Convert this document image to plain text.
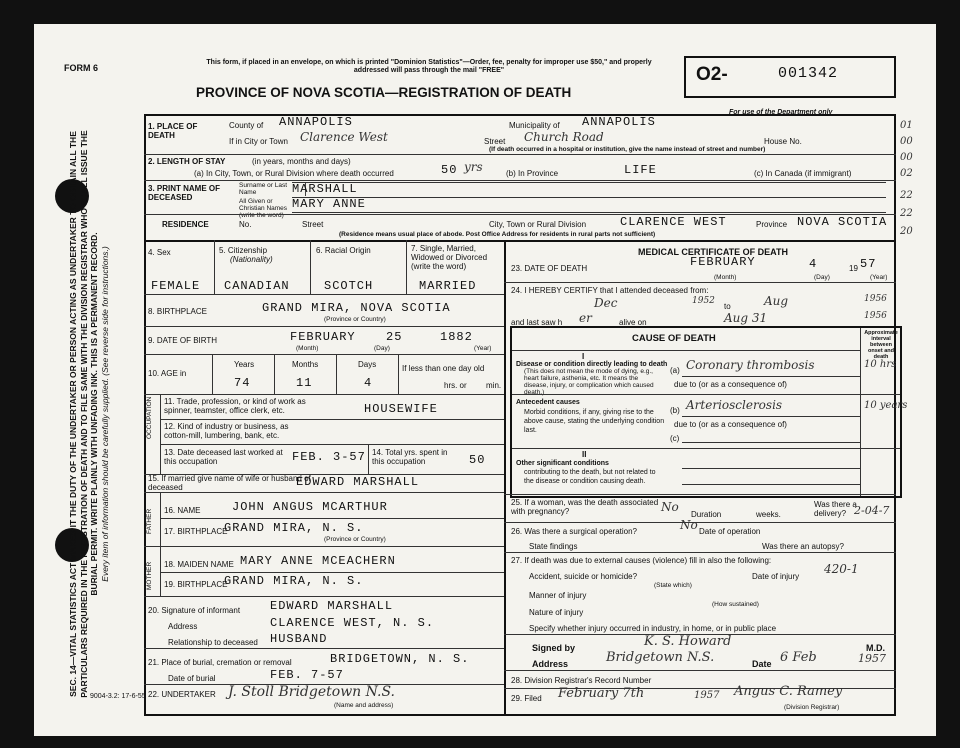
FORM 6
SEC. 14—VITAL STATISTICS ACT MAKES IT THE DUTY OF THE UNDERTAKER OR PERSON ACTING AS UNDERTAKER TO OBTAIN ALL THE PARTICULARS REQUIRED IN THE REGISTRATION OF DEATH AND TO FILE SAME WITH THE DIVISION REGISTRAR WHO SHALL ISSUE THE BURIAL PERMIT. WRITE PLAINLY WITH UNFADING INK. THIS IS A PERMANENT RECORD. Every item of information should be carefully supplied. (See reverse side for instructions.)
9004-3.2: 17-6-55
This form, if placed in an envelope, on which is printed "Dominion Statistics"—Order, fee, penalty for improper use $50," and properly addressed will pass through the mail "FREE"
PROVINCE OF NOVA SCOTIA—REGISTRATION OF DEATH
O2-	001342
For use of the Department only
1. PLACE OF DEATH
County of ANNAPOLIS	Municipality of ANNAPOLIS
If in City or Town Clarence West	Street Church Road	House No.
(If death occurred in a hospital or institution, give the name instead of street and number)
2. LENGTH OF STAY	(in years, months and days)
(a) In City, Town, or Rural Division where death occurred	50 yrs	(b) In Province	LIFE	(c) In Canada (if immigrant)
3. PRINT NAME OF DECEASED
Surname or Last Name	MARSHALL
All Given or Christian Names (write the word)
MARY ANNE
RESIDENCE	No.	Street	City, Town or Rural Division	CLARENCE WEST	Province NOVA SCOTIA
(Residence means usual place of abode. Post Office Address for residents in rural parts not sufficient)
4. Sex
FEMALE
5. Citizenship
(Nationality)
CANADIAN
6. Racial Origin
SCOTCH
7. Single, Married, Widowed or Divorced (write the word)
MARRIED
8. BIRTHPLACE	GRAND MIRA, NOVA SCOTIA
(Province or Country)
9. DATE OF BIRTH	FEBRUARY	25	1882
(Month)	(Day)	(Year)
10. AGE in
Years	Months	Days
74	11	4
If less than one day old
hrs. or min.
OCCUPATION 11. Trade, profession, or kind of work as spinner, teamster, office clerk, etc.	HOUSEWIFE
12. Kind of industry or business, as cotton-mill, lumbering, bank, etc.
13. Date deceased last worked at this occupation	FEB. 3-57 14. Total yrs. spent in this occupation	50
15. If married give name of wife or husband of deceased	EDWARD MARSHALL
FATHER 16. NAME	JOHN ANGUS MCARTHUR
17. BIRTHPLACE
GRAND MIRA, N. S.
(Province or Country)
MOTHER 18. MAIDEN NAME MARY ANNE MCEACHERN
19. BIRTHPLACE
GRAND MIRA, N. S.
20. Signature of informant EDWARD MARSHALL
Address	CLARENCE WEST, N. S.
Relationship to deceased HUSBAND
21. Place of burial, cremation or removal	BRIDGETOWN, N. S.
Date of burial	FEB. 7-57
22. UNDERTAKER J. Stoll Bridgetown N.S.
(Name and address)
MEDICAL CERTIFICATE OF DEATH
23. DATE OF DEATH	FEBRUARY	4	19 57
(Month)	(Day)	(Year)
24. I HEREBY CERTIFY that I attended deceased from:
Dec	1952
to	Aug	1956
and last saw h er	alive on	Aug 31	1956
CAUSE OF DEATH	Approximate interval between onset and death
I
Disease or condition directly leading to death
(This does not mean the mode of dying, e.g., heart failure, asthenia, etc. It means the disease, injury, or complication which caused death.)
(a) Coronary thrombosis	10 hrs
due to (or as a consequence of)
Antecedent causes
Morbid conditions, if any, giving rise to the above cause, stating the underlying condition last.
(b) Arteriosclerosis	10 years
due to (or as a consequence of)
(c)
II
Other significant conditions
contributing to the death, but not related to the disease or condition causing death.
25. If a woman, was the death associated with pregnancy?	No
Duration	weeks.
Was there a delivery? 2-04-7
26. Was there a surgical operation?	No Date of operation
State findings	Was there an autopsy?
27. If death was due to external causes (violence) fill in also the following:
Accident, suicide or homicide?
(State which)
Date of injury
420-1
Manner of injury
(How sustained)
Nature of injury
Specify whether injury occurred in industry, in home, or in public place
Signed by	K. S. Howard	M.D.
Address	Bridgetown N.S.	Date 6 Feb	1957
28. Division Registrar's Record Number
29. Filed February 7th	1957 Angus C. Ramey
(Division Registrar)
01
00
00
02
22
22
20
